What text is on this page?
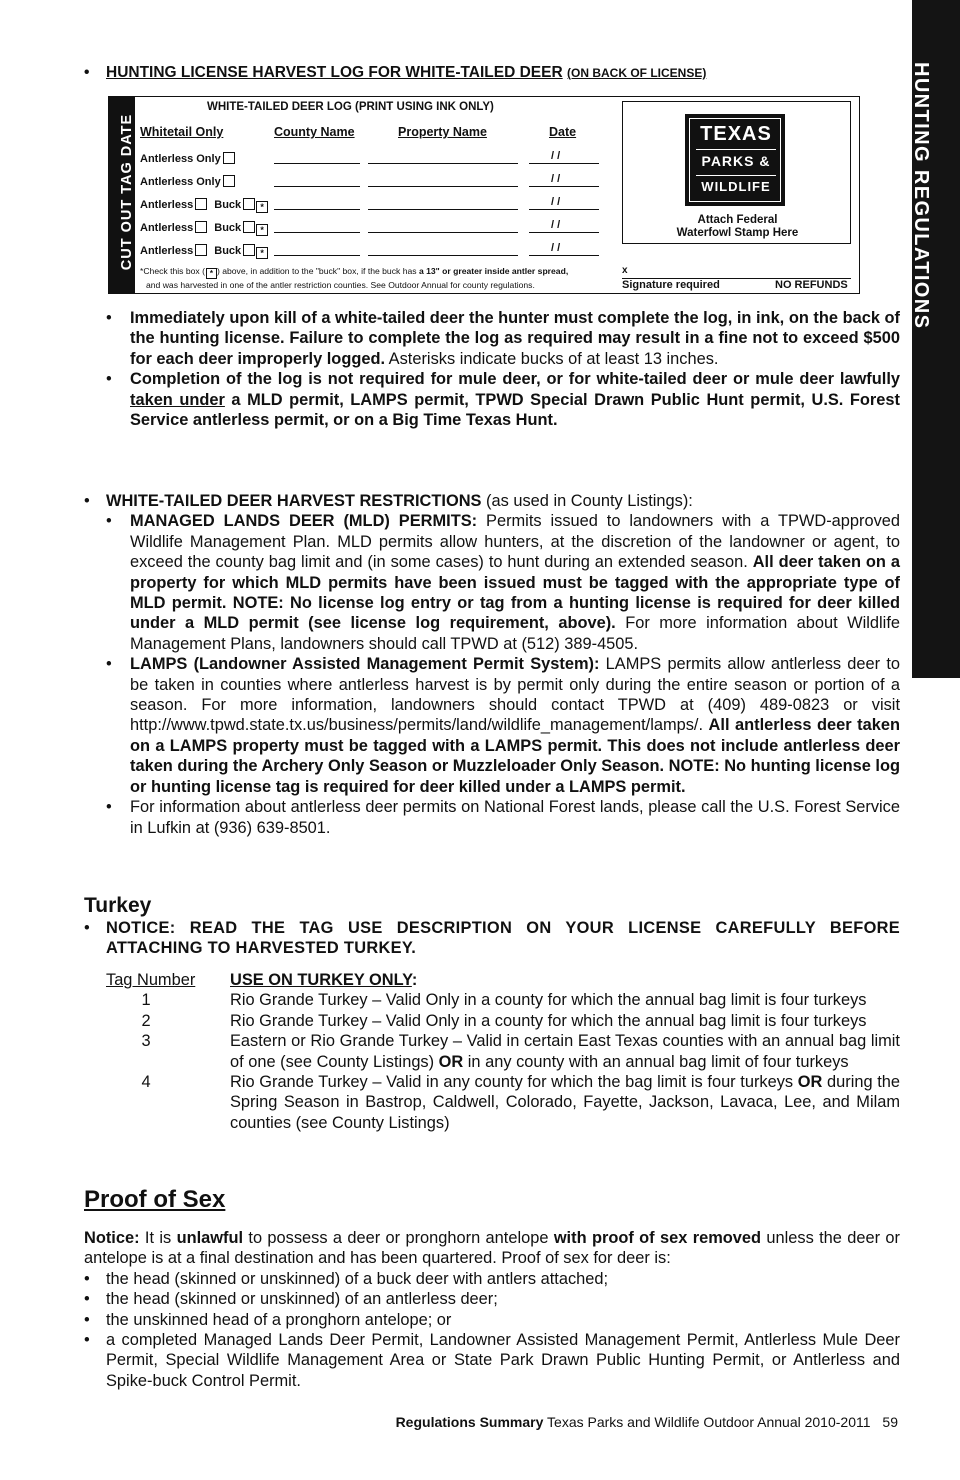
HUNTING REGULATIONS
• HUNTING LICENSE HARVEST LOG FOR WHITE-TAILED DEER (ON BACK OF LICENSE)
CUT OUT TAG DATE
WHITE-TAILED DEER LOG (PRINT USING INK ONLY)
Whitetail Only	County Name	Property Name	Date
Antlerless Only	/ /
Antlerless Only	/ /
Antlerless Buck *	/ /
Antlerless Buck *	/ /
Antlerless Buck *	/ /
*Check this box ( * ) above, in addition to the "buck" box, if the buck has a 13" or greater inside antler spread,
and was harvested in one of the antler restriction counties. See Outdoor Annual for county regulations.
TEXAS
PARKS &
WILDLIFE
Attach Federal
Waterfowl Stamp Here
x
Signature required	NO REFUNDS
• Immediately upon kill of a white-tailed deer the hunter must complete the log, in ink, on the back of the hunting license. Failure to complete the log as required may result in a fine not to exceed $500 for each deer improperly logged. Asterisks indicate bucks of at least 13 inches.
• Completion of the log is not required for mule deer, or for white-tailed deer or mule deer lawfully taken under a MLD permit, LAMPS permit, TPWD Special Drawn Public Hunt permit, U.S. Forest Service antlerless permit, or on a Big Time Texas Hunt.
• WHITE-TAILED DEER HARVEST RESTRICTIONS (as used in County Listings):
• MANAGED LANDS DEER (MLD) PERMITS: Permits issued to landowners with a TPWD-approved Wildlife Management Plan. MLD permits allow hunters, at the discretion of the landowner or agent, to exceed the county bag limit and (in some cases) to hunt during an extended season. All deer taken on a property for which MLD permits have been issued must be tagged with the appropriate type of MLD permit. NOTE: No license log entry or tag from a hunting license is required for deer killed under a MLD permit (see license log requirement, above). For more information about Wildlife Management Plans, landowners should call TPWD at (512) 389-4505.
• LAMPS (Landowner Assisted Management Permit System): LAMPS permits allow antlerless deer to be taken in counties where antlerless harvest is by permit only during the entire season or portion of a season. For more information, landowners should contact TPWD at (409) 489-0823 or visit http://www.tpwd.state.tx.us/business/permits/land/wildlife_management/lamps/. All antlerless deer taken on a LAMPS property must be tagged with a LAMPS permit. This does not include antlerless deer taken during the Archery Only Season or Muzzleloader Only Season. NOTE: No hunting license log or hunting license tag is required for deer killed under a LAMPS permit.
• For information about antlerless deer permits on National Forest lands, please call the U.S. Forest Service in Lufkin at (936) 639-8501.
Turkey
• NOTICE: READ THE TAG USE DESCRIPTION ON YOUR LICENSE CAREFULLY BEFORE ATTACHING TO HARVESTED TURKEY.
Tag Number USE ON TURKEY ONLY:
1	Rio Grande Turkey – Valid Only in a county for which the annual bag limit is four turkeys
2	Rio Grande Turkey – Valid Only in a county for which the annual bag limit is four turkeys
3	Eastern or Rio Grande Turkey – Valid in certain East Texas counties with an annual bag limit of one (see County Listings) OR in any county with an annual bag limit of four turkeys
4	Rio Grande Turkey – Valid in any county for which the bag limit is four turkeys OR during the Spring Season in Bastrop, Caldwell, Colorado, Fayette, Jackson, Lavaca, Lee, and Milam counties (see County Listings)
Proof of Sex
Notice: It is unlawful to possess a deer or pronghorn antelope with proof of sex removed unless the deer or antelope is at a final destination and has been quartered. Proof of sex for deer is:
• the head (skinned or unskinned) of a buck deer with antlers attached;
• the head (skinned or unskinned) of an antlerless deer;
• the unskinned head of a pronghorn antelope; or
• a completed Managed Lands Deer Permit, Landowner Assisted Management Permit, Antlerless Mule Deer Permit, Special Wildlife Management Area or State Park Drawn Public Hunting Permit, or Antlerless and Spike-buck Control Permit.
Regulations Summary Texas Parks and Wildlife Outdoor Annual 2010-2011 59
